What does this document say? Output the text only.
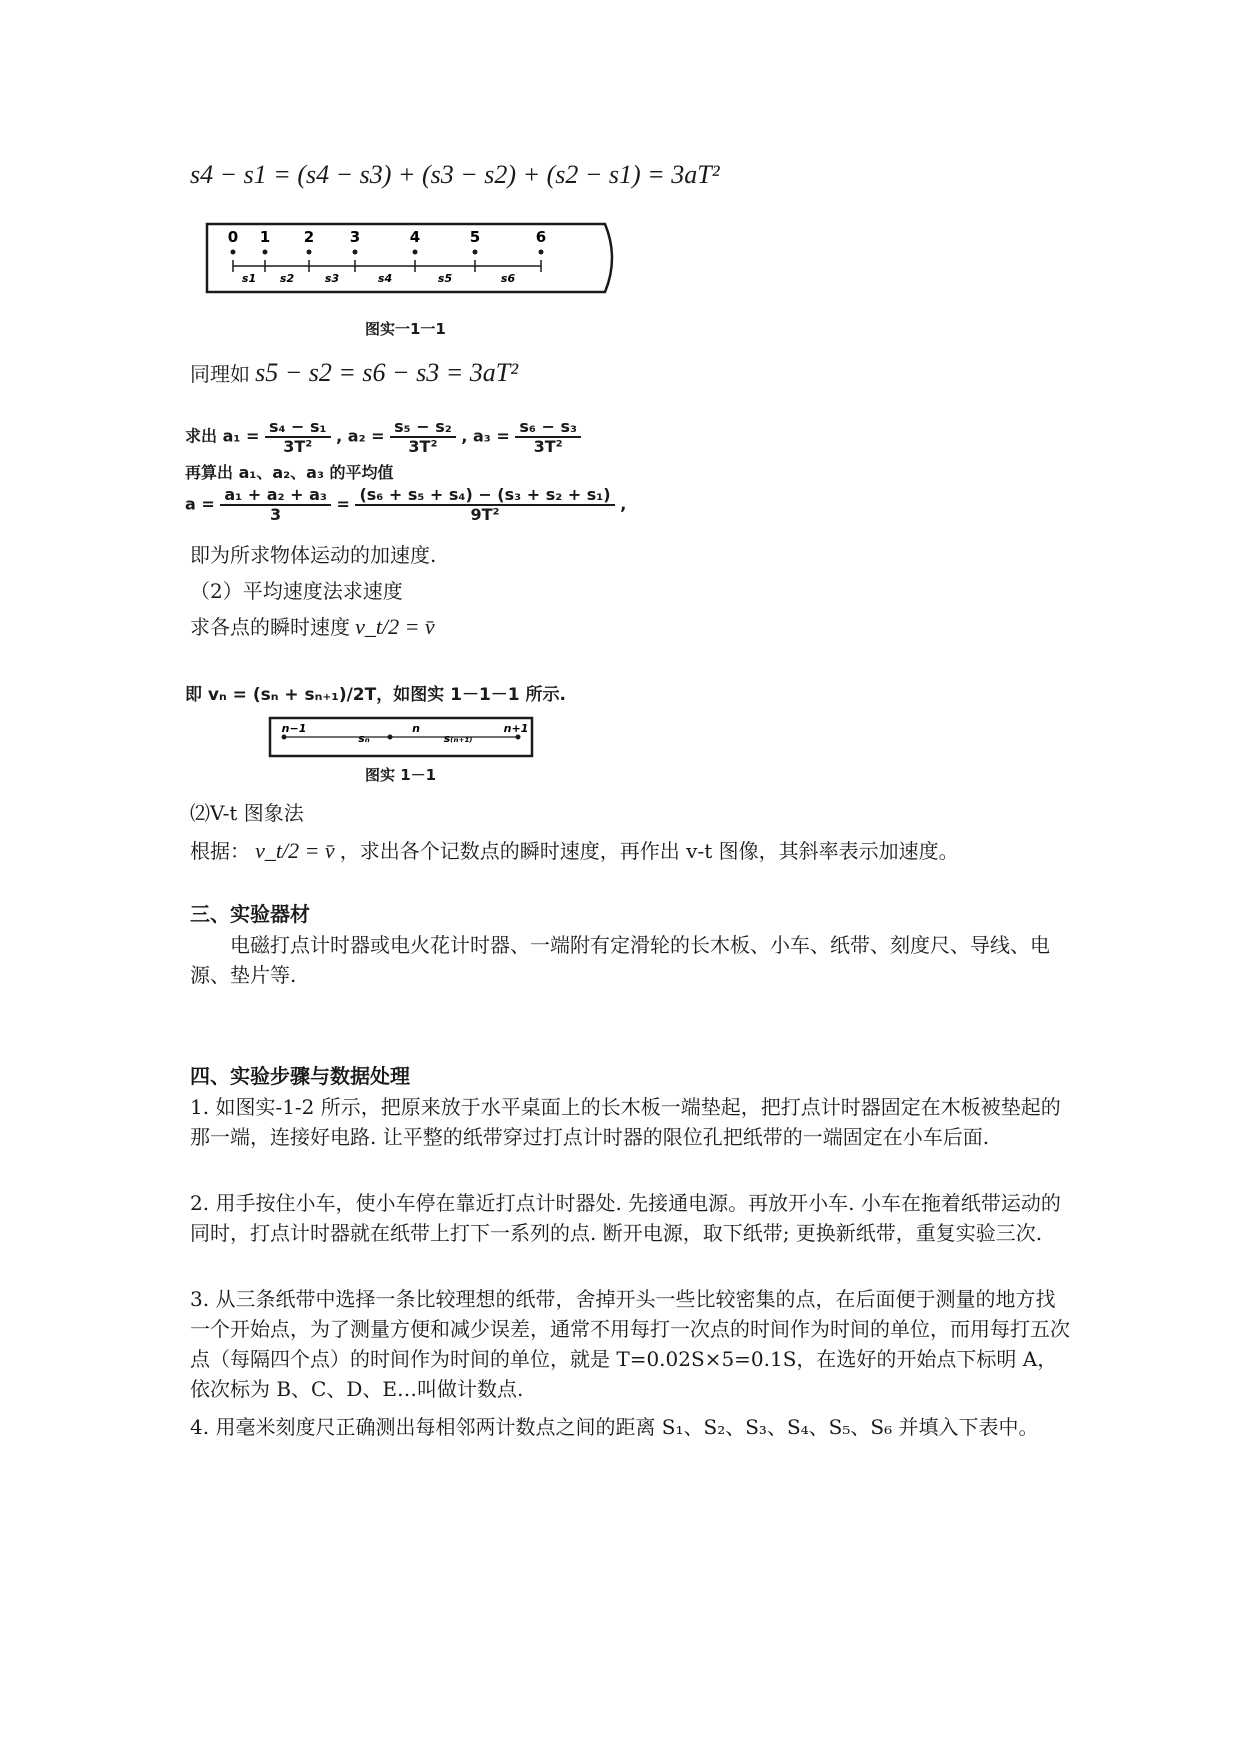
s4 − s1 = (s4 − s3) + (s3 − s2) + (s2 − s1) = 3aT²
0 1 2 3	4	5	6
s1 s2	s3	s4	s5	s6
图实一1一1
同理如 s5 − s2 = s6 − s3 = 3aT²
求出 $a_1 = \frac{\text{s₄ − s₁}}{\text{3T²}}$ , $a_2 = \frac{\text{s₅ − s₂}}{\text{3T²}}$ , $a_3 = \frac{\text{s₆ − s₃}}{\text{3T²}}$
再算出 a₁、a₂、a₃ 的平均值
$a = \frac{\text{a₁ + a₂ + a₃}}{3} = \frac{\text{(s₆ + s₅ + s₄) − (s₃ + s₂ + s₁)}}{\text{9T²}}$ ,
即为所求物体运动的加速度.
（2）平均速度法求速度
求各点的瞬时速度 v_t/2 = v̄
即 vₙ = (sₙ + sₙ₊₁)/2T，如图实 1－1－1 所示.
n−1
sₙ
n
s₍ₙ₊₁₎
n+1
图实 1－1
⑵V-t 图象法
根据： v_t/2 = v̄ ，求出各个记数点的瞬时速度，再作出 v-t 图像，其斜率表示加速度。
三、实验器材
电磁打点计时器或电火花计时器、一端附有定滑轮的长木板、小车、纸带、刻度尺、导线、电源、垫片等.
四、实验步骤与数据处理
1. 如图实-1-2 所示，把原来放于水平桌面上的长木板一端垫起，把打点计时器固定在木板被垫起的那一端，连接好电路. 让平整的纸带穿过打点计时器的限位孔把纸带的一端固定在小车后面.
2. 用手按住小车，使小车停在靠近打点计时器处. 先接通电源。再放开小车. 小车在拖着纸带运动的同时，打点计时器就在纸带上打下一系列的点. 断开电源，取下纸带; 更换新纸带，重复实验三次.
3. 从三条纸带中选择一条比较理想的纸带，舍掉开头一些比较密集的点，在后面便于测量的地方找一个开始点，为了测量方便和减少误差，通常不用每打一次点的时间作为时间的单位，而用每打五次点（每隔四个点）的时间作为时间的单位，就是 T=0.02S×5=0.1S，在选好的开始点下标明 A，依次标为 B、C、D、E…叫做计数点.
4. 用毫米刻度尺正确测出每相邻两计数点之间的距离 S₁、S₂、S₃、S₄、S₅、S₆ 并填入下表中。
